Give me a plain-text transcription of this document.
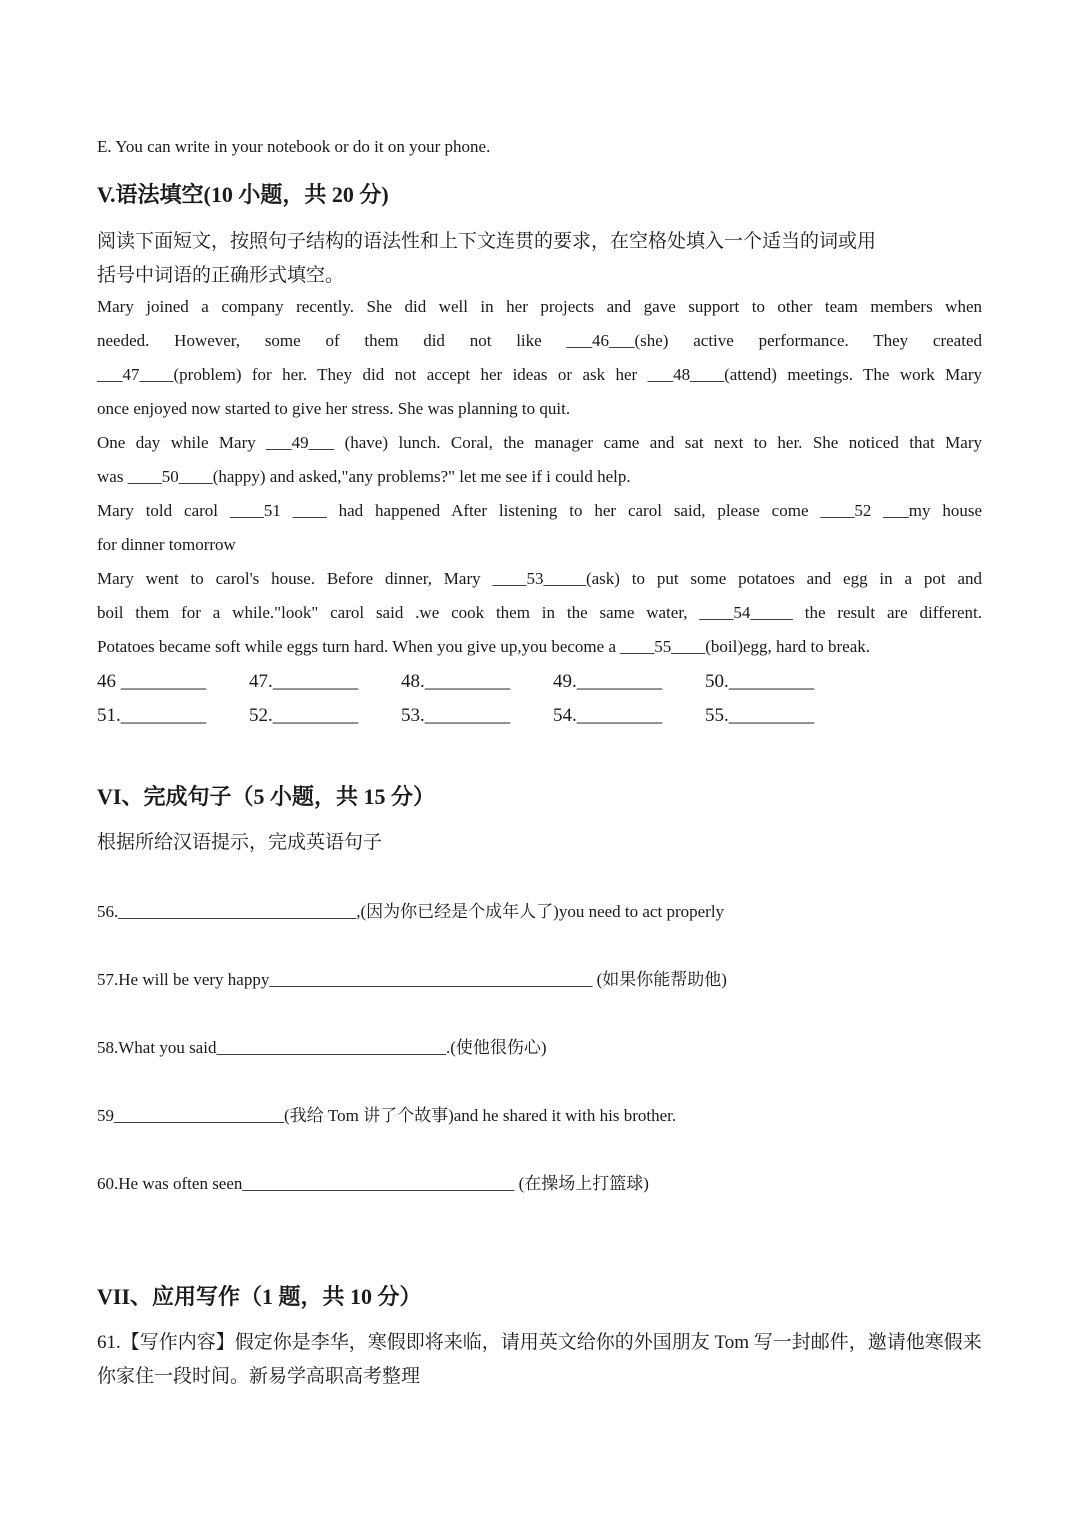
E. You can write in your notebook or do it on your phone.
V.语法填空(10 小题，共 20 分)
阅读下面短文，按照句子结构的语法性和上下文连贯的要求，在空格处填入一个适当的词或用
括号中词语的正确形式填空。
Mary joined a company recently. She did well in her projects and gave support to other team members when
needed. However, some of them did not like ___46___(she) active performance. They created
___47____(problem) for her. They did not accept her ideas or ask her ___48____(attend) meetings. The work Mary
once enjoyed now started to give her stress. She was planning to quit.
One day while Mary ___49___ (have) lunch. Coral, the manager came and sat next to her. She noticed that Mary
was ____50____(happy) and asked,"any problems?" let me see if i could help.
Mary told carol ____51 ____ had happened After listening to her carol said, please come ____52 ___my house
for dinner tomorrow
Mary went to carol's house. Before dinner, Mary ____53_____(ask) to put some potatoes and egg in a pot and
boil them for a while."look" carol said .we cook them in the same water, ____54_____ the result are different.
Potatoes became soft while eggs turn hard. When you give up,you become a ____55____(boil)egg, hard to break.
46 _________	47._________	48._________	49._________	50._________
51._________	52._________	53._________	54._________	55._________
VI、完成句子（5 小题，共 15 分）
根据所给汉语提示，完成英语句子
56.____________________________,(因为你已经是个成年人了)you need to act properly
57.He will be very happy______________________________________ (如果你能帮助他)
58.What you said___________________________.(使他很伤心)
59____________________(我给 Tom 讲了个故事)and he shared it with his brother.
60.He was often seen________________________________ (在操场上打篮球)
VII、应用写作（1 题，共 10 分）
61.【写作内容】假定你是李华，寒假即将来临，请用英文给你的外国朋友 Tom 写一封邮件，邀请他寒假来
你家住一段时间。新易学高职高考整理
